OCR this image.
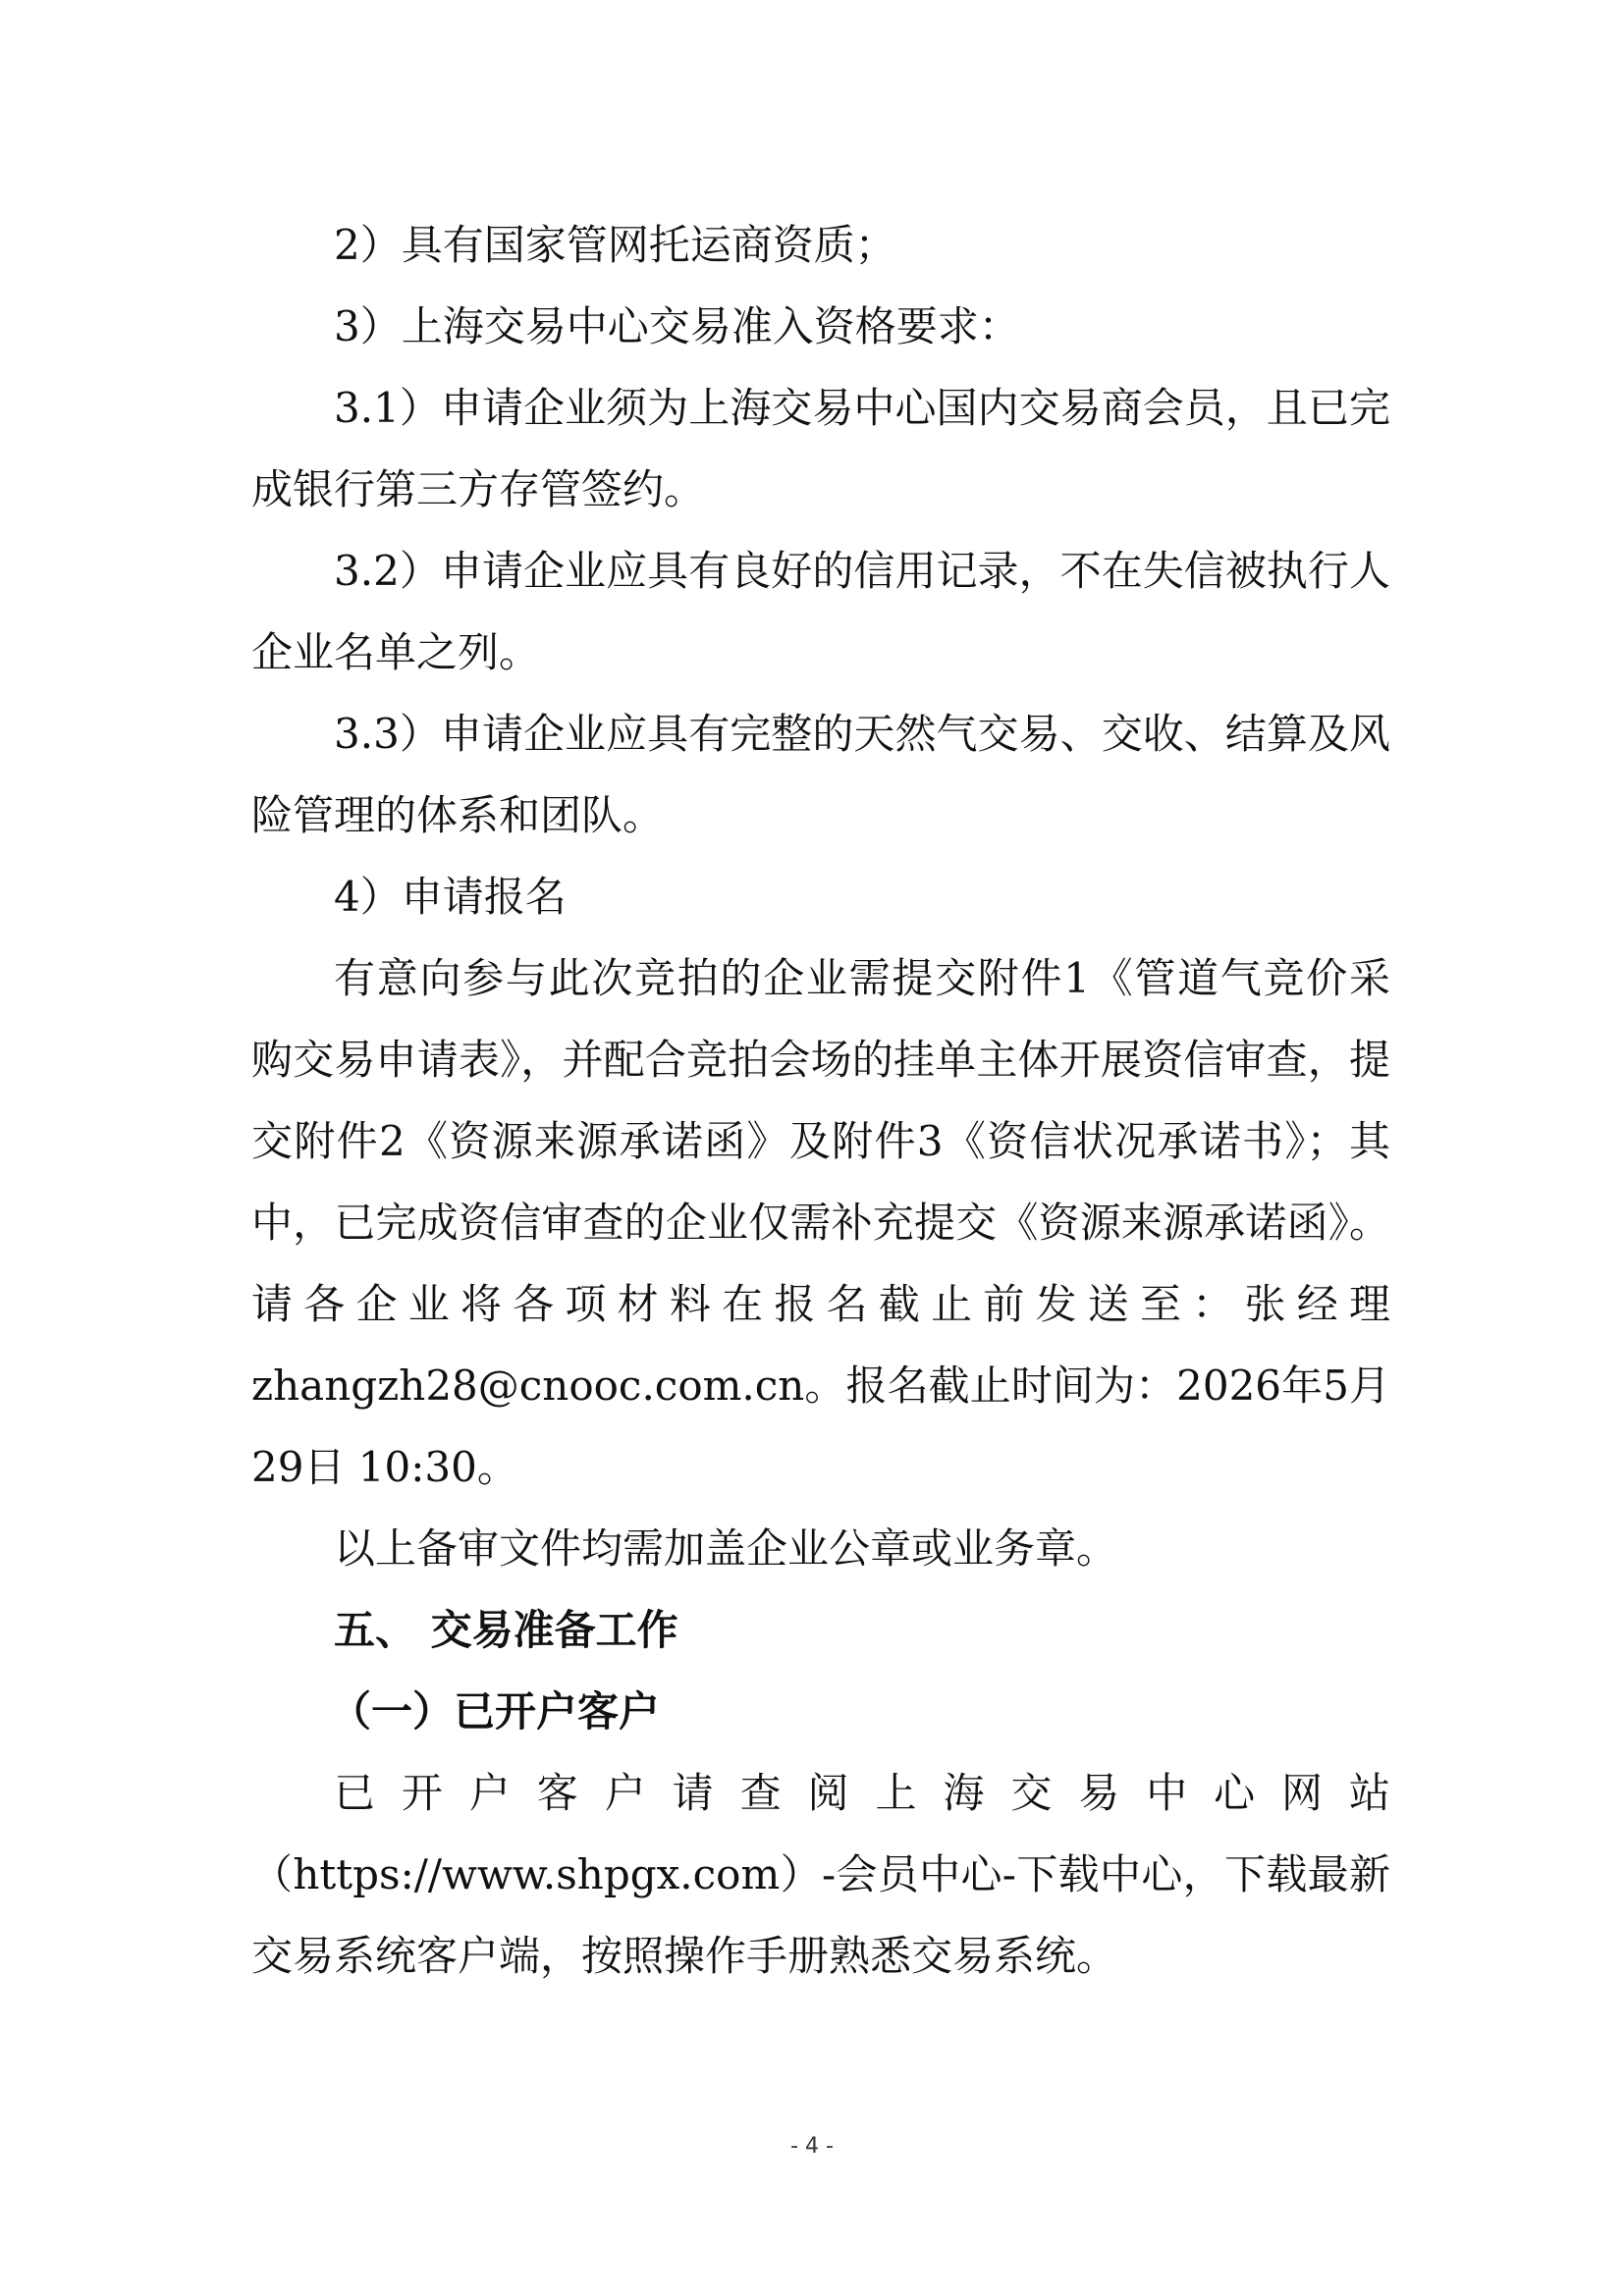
2）具有国家管网托运商资质；

3）上海交易中心交易准入资格要求：

3.1）申请企业须为上海交易中心国内交易商会员，且已完成银行第三方存管签约。

3.2）申请企业应具有良好的信用记录，不在失信被执行人企业名单之列。

3.3）申请企业应具有完整的天然气交易、交收、结算及风险管理的体系和团队。

4）申请报名

有意向参与此次竞拍的企业需提交附件1《管道气竞价采购交易申请表》，并配合竞拍会场的挂单主体开展资信审查，提交附件2《资源来源承诺函》及附件3《资信状况承诺书》；其中，已完成资信审查的企业仅需补充提交《资源来源承诺函》。请各企业将各项材料在报名截止前发送至：张经理 zhangzh28@cnooc.com.cn。报名截止时间为：2026年5月29日 10:30。

以上备审文件均需加盖企业公章或业务章。

五、 交易准备工作

（一）已开户客户

已开户客户请查阅上海交易中心网站

（https://www.shpgx.com）-会员中心-下载中心，下载最新交易系统客户端，按照操作手册熟悉交易系统。

- 4 -
